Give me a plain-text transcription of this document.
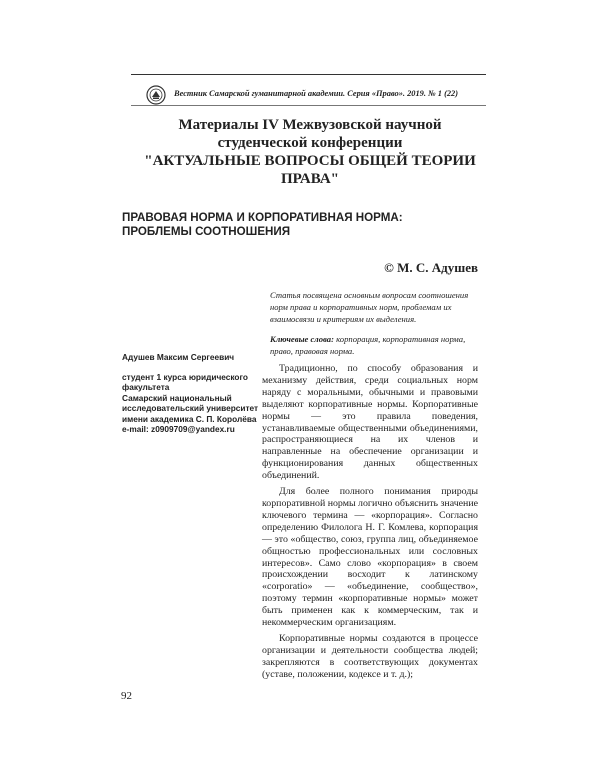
Вестник Самарской гуманитарной академии. Серия «Право». 2019. № 1 (22)
Материалы IV Межвузовской научной
студенческой конференции
"АКТУАЛЬНЫЕ ВОПРОСЫ ОБЩЕЙ ТЕОРИИ ПРАВА"
ПРАВОВАЯ НОРМА И КОРПОРАТИВНАЯ НОРМА:
ПРОБЛЕМЫ СООТНОШЕНИЯ
© М. С. Адушев

Статья посвящена основным вопросам соотношения норм права и корпоративных норм, проблемам их взаимосвязи и критериям их выделения.

Ключевые слова: корпорация, корпоративная норма, право, правовая норма.

Адушев Максим Сергеевич
студент 1 курса юридического факультета
Самарский национальный исследовательский университет имени академика С. П. Королёва
e-mail: z0909709@yandex.ru

Традиционно, по способу образования и механизму действия, среди социальных норм наряду с моральными, обычными и правовыми выделяют корпоративные нормы. Корпоративные нормы — это правила поведения, устанавливаемые общественными объединениями, распространяющиеся на их членов и направленные на обеспечение организации и функционирования данных общественных объединений.

Для более полного понимания природы корпоративной нормы логично объяснить значение ключевого термина — «корпорация». Согласно определению Филолога Н. Г. Комлева, корпорация — это «общество, союз, группа лиц, объединяемое общностью профессиональных или сословных интересов». Само слово «корпорация» в своем происхождении восходит к латинскому «corporatio» — «объединение, сообщество», поэтому термин «корпоративные нормы» может быть применен как к коммерческим, так и некоммерческим организациям.

Корпоративные нормы создаются в процессе организации и деятельности сообщества людей; закрепляются в соответствующих документах (уставе, положении, кодексе и т. д.);

92
